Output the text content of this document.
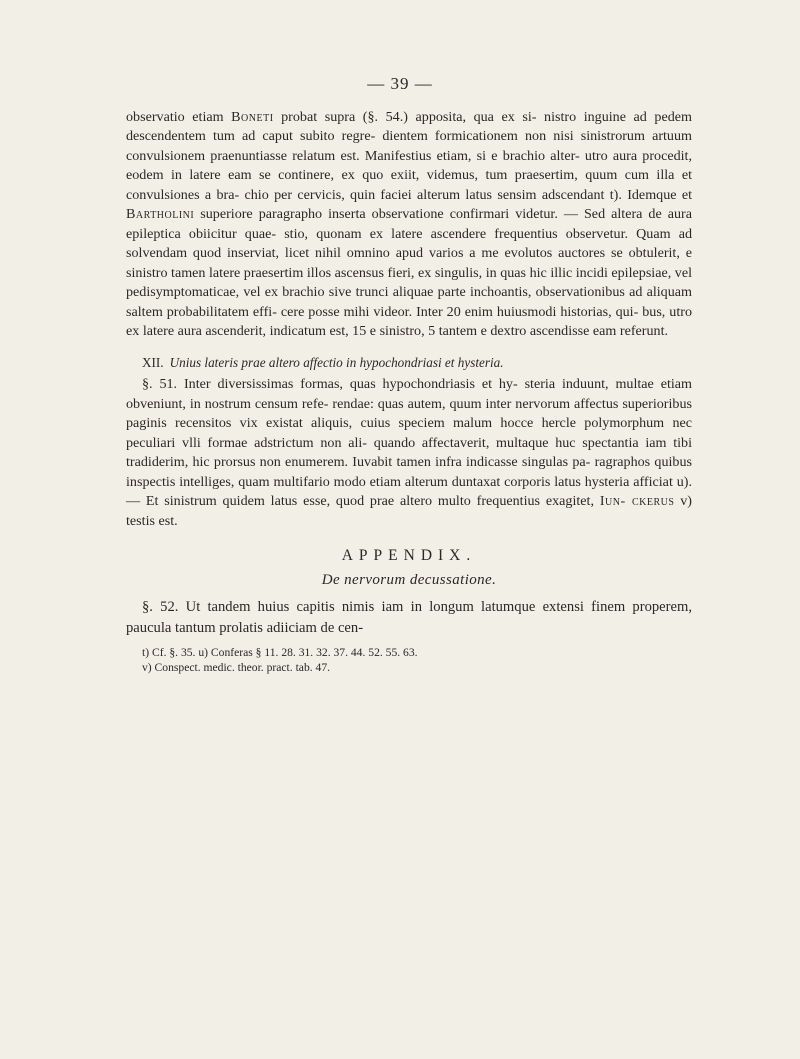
— 39 —

observatio etiam Boneti probat supra (§. 54.) apposita, qua ex si- nistro inguine ad pedem descendentem tum ad caput subito regre- dientem formicationem non nisi sinistrorum artuum convulsionem praenuntiasse relatum est. Manifestius etiam, si e brachio alter- utro aura procedit, eodem in latere eam se continere, ex quo exiit, videmus, tum praesertim, quum cum illa et convulsiones a bra- chio per cervicis, quin faciei alterum latus sensim adscendant t). Idemque et Bartholini superiore paragrapho inserta observatione confirmari videtur. — Sed altera de aura epileptica obiicitur quae- stio, quonam ex latere ascendere frequentius observetur. Quam ad solvendam quod inserviat, licet nihil omnino apud varios a me evolutos auctores se obtulerit, e sinistro tamen latere praesertim illos ascensus fieri, ex singulis, in quas hic illic incidi epilepsiae, vel pedisymptomaticae, vel ex brachio sive trunci aliquae parte inchoantis, observationibus ad aliquam saltem probabilitatem effi- cere posse mihi videor. Inter 20 enim huiusmodi historias, qui- bus, utro ex latere aura ascenderit, indicatum est, 15 e sinistro, 5 tantem e dextro ascendisse eam referunt.

XII. Unius lateris prae altero affectio in hypochondriasi et hysteria.

§. 51. Inter diversissimas formas, quas hypochondriasis et hy- steria induunt, multae etiam obveniunt, in nostrum censum refe- rendae: quas autem, quum inter nervorum affectus superioribus paginis recensitos vix existat aliquis, cuius speciem malum hocce hercle polymorphum nec peculiari vlli formae adstrictum non ali- quando affectaverit, multaque huc spectantia iam tibi tradiderim, hic prorsus non enumerem. Iuvabit tamen infra indicasse singulas pa- ragraphos quibus inspectis intelliges, quam multifario modo etiam alterum duntaxat corporis latus hysteria afficiat u). — Et sinistrum quidem latus esse, quod prae altero multo frequentius exagitet, Iun- ckerus v) testis est.

APPENDIX.
De nervorum decussatione.

§. 52. Ut tandem huius capitis nimis iam in longum latumque extensi finem properem, paucula tantum prolatis adiiciam de cen-

t) Cf. §. 35. u) Conferas § 11. 28. 31. 32. 37. 44. 52. 55. 63.
v) Conspect. medic. theor. pract. tab. 47.
